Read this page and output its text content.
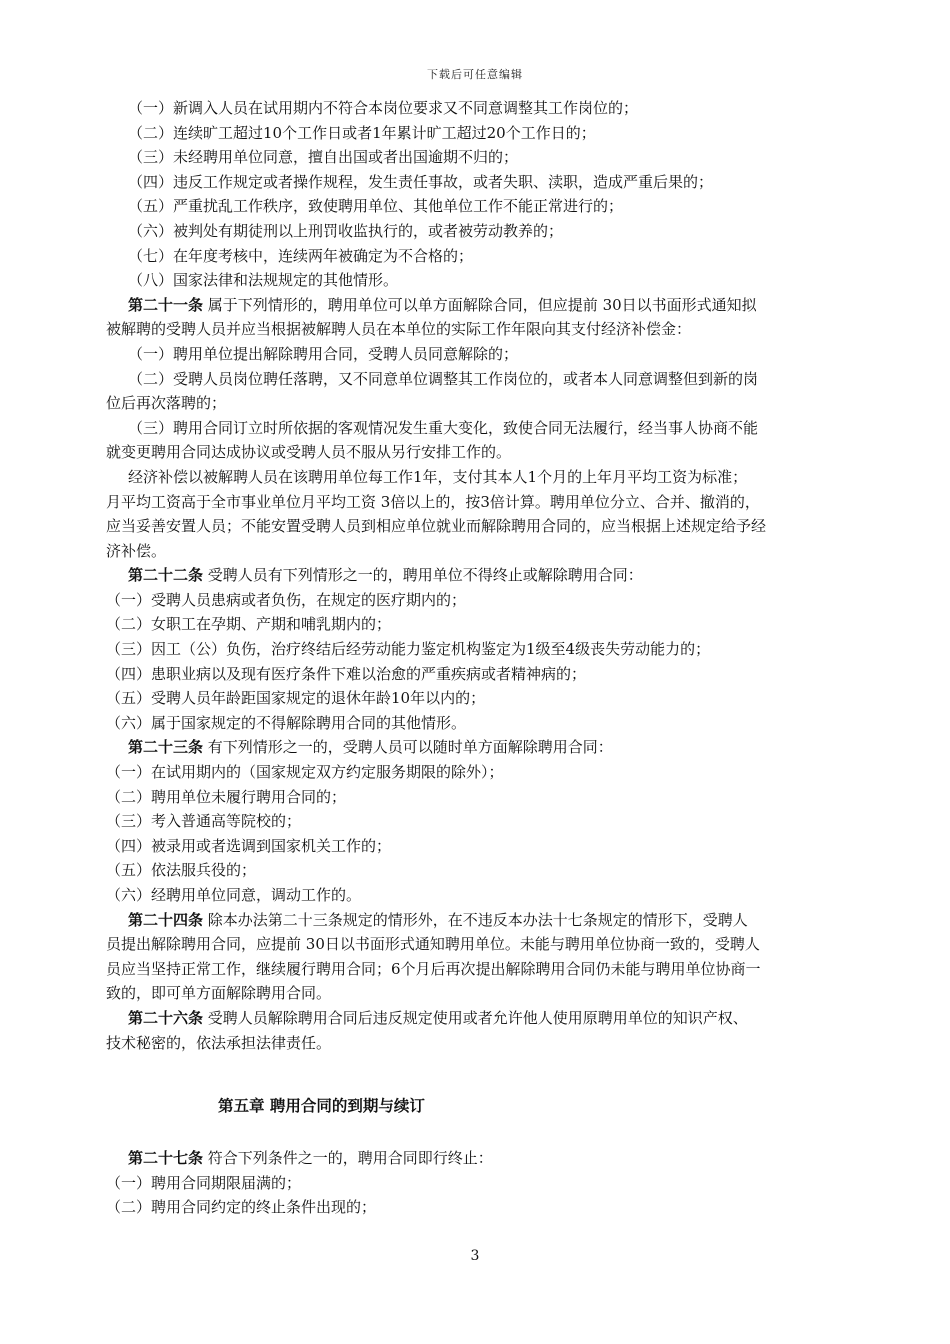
下载后可任意编辑

（一）新调入人员在试用期内不符合本岗位要求又不同意调整其工作岗位的；

（二）连续旷工超过10个工作日或者1年累计旷工超过20个工作日的；

（三）未经聘用单位同意，擅自出国或者出国逾期不归的；

（四）违反工作规定或者操作规程，发生责任事故，或者失职、渎职，造成严重后果的；

（五）严重扰乱工作秩序，致使聘用单位、其他单位工作不能正常进行的；

（六）被判处有期徒刑以上刑罚收监执行的，或者被劳动教养的；

（七）在年度考核中，连续两年被确定为不合格的；

（八）国家法律和法规规定的其他情形。

第二十一条 属于下列情形的，聘用单位可以单方面解除合同，但应提前 30日以书面形式通知拟

被解聘的受聘人员并应当根据被解聘人员在本单位的实际工作年限向其支付经济补偿金：

（一）聘用单位提出解除聘用合同，受聘人员同意解除的；

（二）受聘人员岗位聘任落聘，又不同意单位调整其工作岗位的，或者本人同意调整但到新的岗

位后再次落聘的；

（三）聘用合同订立时所依据的客观情况发生重大变化，致使合同无法履行，经当事人协商不能

就变更聘用合同达成协议或受聘人员不服从另行安排工作的。

经济补偿以被解聘人员在该聘用单位每工作1年，支付其本人1个月的上年月平均工资为标准；

月平均工资高于全市事业单位月平均工资 3倍以上的，按3倍计算。聘用单位分立、合并、撤消的，

应当妥善安置人员；不能安置受聘人员到相应单位就业而解除聘用合同的，应当根据上述规定给予经

济补偿。

第二十二条 受聘人员有下列情形之一的，聘用单位不得终止或解除聘用合同：

（一）受聘人员患病或者负伤，在规定的医疗期内的；

（二）女职工在孕期、产期和哺乳期内的；

（三）因工（公）负伤，治疗终结后经劳动能力鉴定机构鉴定为1级至4级丧失劳动能力的；

（四）患职业病以及现有医疗条件下难以治愈的严重疾病或者精神病的；

（五）受聘人员年龄距国家规定的退休年龄10年以内的；

（六）属于国家规定的不得解除聘用合同的其他情形。

第二十三条 有下列情形之一的，受聘人员可以随时单方面解除聘用合同：

（一）在试用期内的（国家规定双方约定服务期限的除外）；

（二）聘用单位未履行聘用合同的；

（三）考入普通高等院校的；

（四）被录用或者选调到国家机关工作的；

（五）依法服兵役的；

（六）经聘用单位同意，调动工作的。

第二十四条 除本办法第二十三条规定的情形外，在不违反本办法十七条规定的情形下，受聘人

员提出解除聘用合同，应提前 30日以书面形式通知聘用单位。未能与聘用单位协商一致的，受聘人

员应当坚持正常工作，继续履行聘用合同；6个月后再次提出解除聘用合同仍未能与聘用单位协商一

致的，即可单方面解除聘用合同。

第二十六条 受聘人员解除聘用合同后违反规定使用或者允许他人使用原聘用单位的知识产权、

技术秘密的，依法承担法律责任。

第五章 聘用合同的到期与续订

第二十七条 符合下列条件之一的，聘用合同即行终止：

（一）聘用合同期限届满的；

（二）聘用合同约定的终止条件出现的；

3
